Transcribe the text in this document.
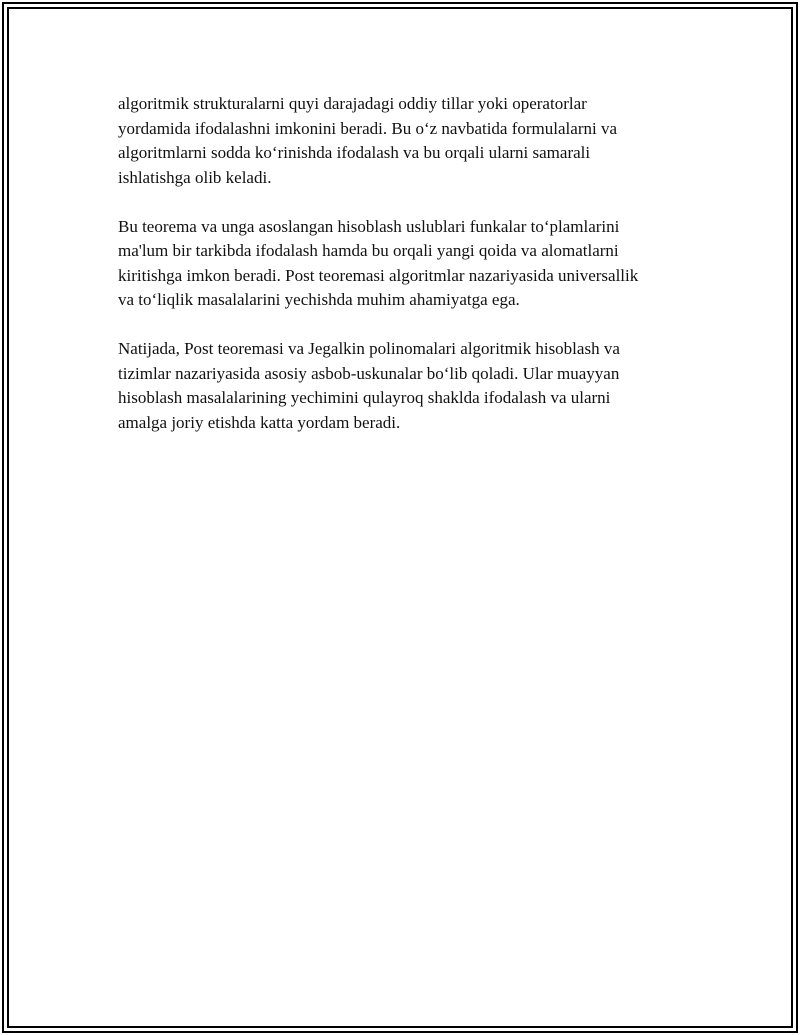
algoritmik strukturalarni quyi darajadagi oddiy tillar yoki operatorlar
yordamida ifodalashni imkonini beradi. Bu o‘z navbatida formulalarni va
algoritmlarni sodda ko‘rinishda ifodalash va bu orqali ularni samarali
ishlatishga olib keladi.

Bu teorema va unga asoslangan hisoblash uslublari funkalar to‘plamlarini
ma'lum bir tarkibda ifodalash hamda bu orqali yangi qoida va alomatlarni
kiritishga imkon beradi. Post teoremasi algoritmlar nazariyasida universallik
va to‘liqlik masalalarini yechishda muhim ahamiyatga ega.

Natijada, Post teoremasi va Jegalkin polinomalari algoritmik hisoblash va
tizimlar nazariyasida asosiy asbob-uskunalar bo‘lib qoladi. Ular muayyan
hisoblash masalalarining yechimini qulayroq shaklda ifodalash va ularni
amalga joriy etishda katta yordam beradi.
